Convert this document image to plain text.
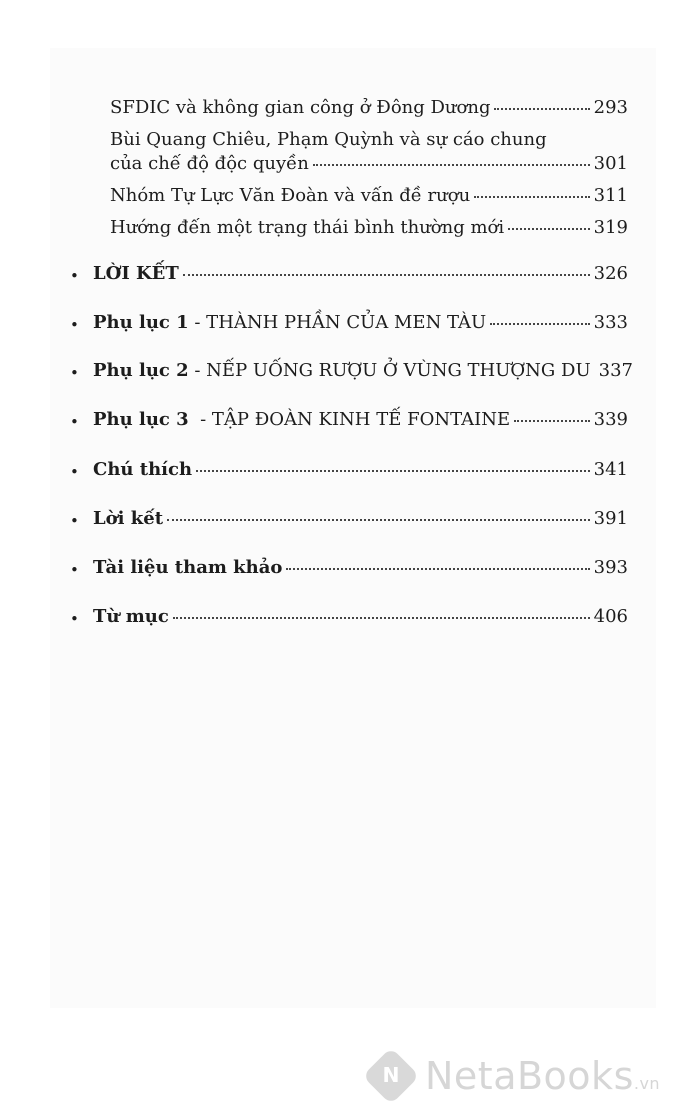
SFDIC và không gian công ở Đông Dương	293
Bùi Quang Chiêu, Phạm Quỳnh và sự cáo chung
của chế độ độc quyền	301
Nhóm Tự Lực Văn Đoàn và vấn đề rượu	311
Hướng đến một trạng thái bình thường mới	319
• LỜI KẾT	326
• Phụ lục 1 - THÀNH PHẦN CỦA MEN TÀU	333
• Phụ lục 2 - NẾP UỐNG RƯỢU Ở VÙNG THƯỢNG DU 337
• Phụ lục 3  - TẬP ĐOÀN KINH TẾ FONTAINE	339
• Chú thích	341
• Lời kết	391
• Tài liệu tham khảo	393
• Từ mục	406
N NetaBooks.vn
